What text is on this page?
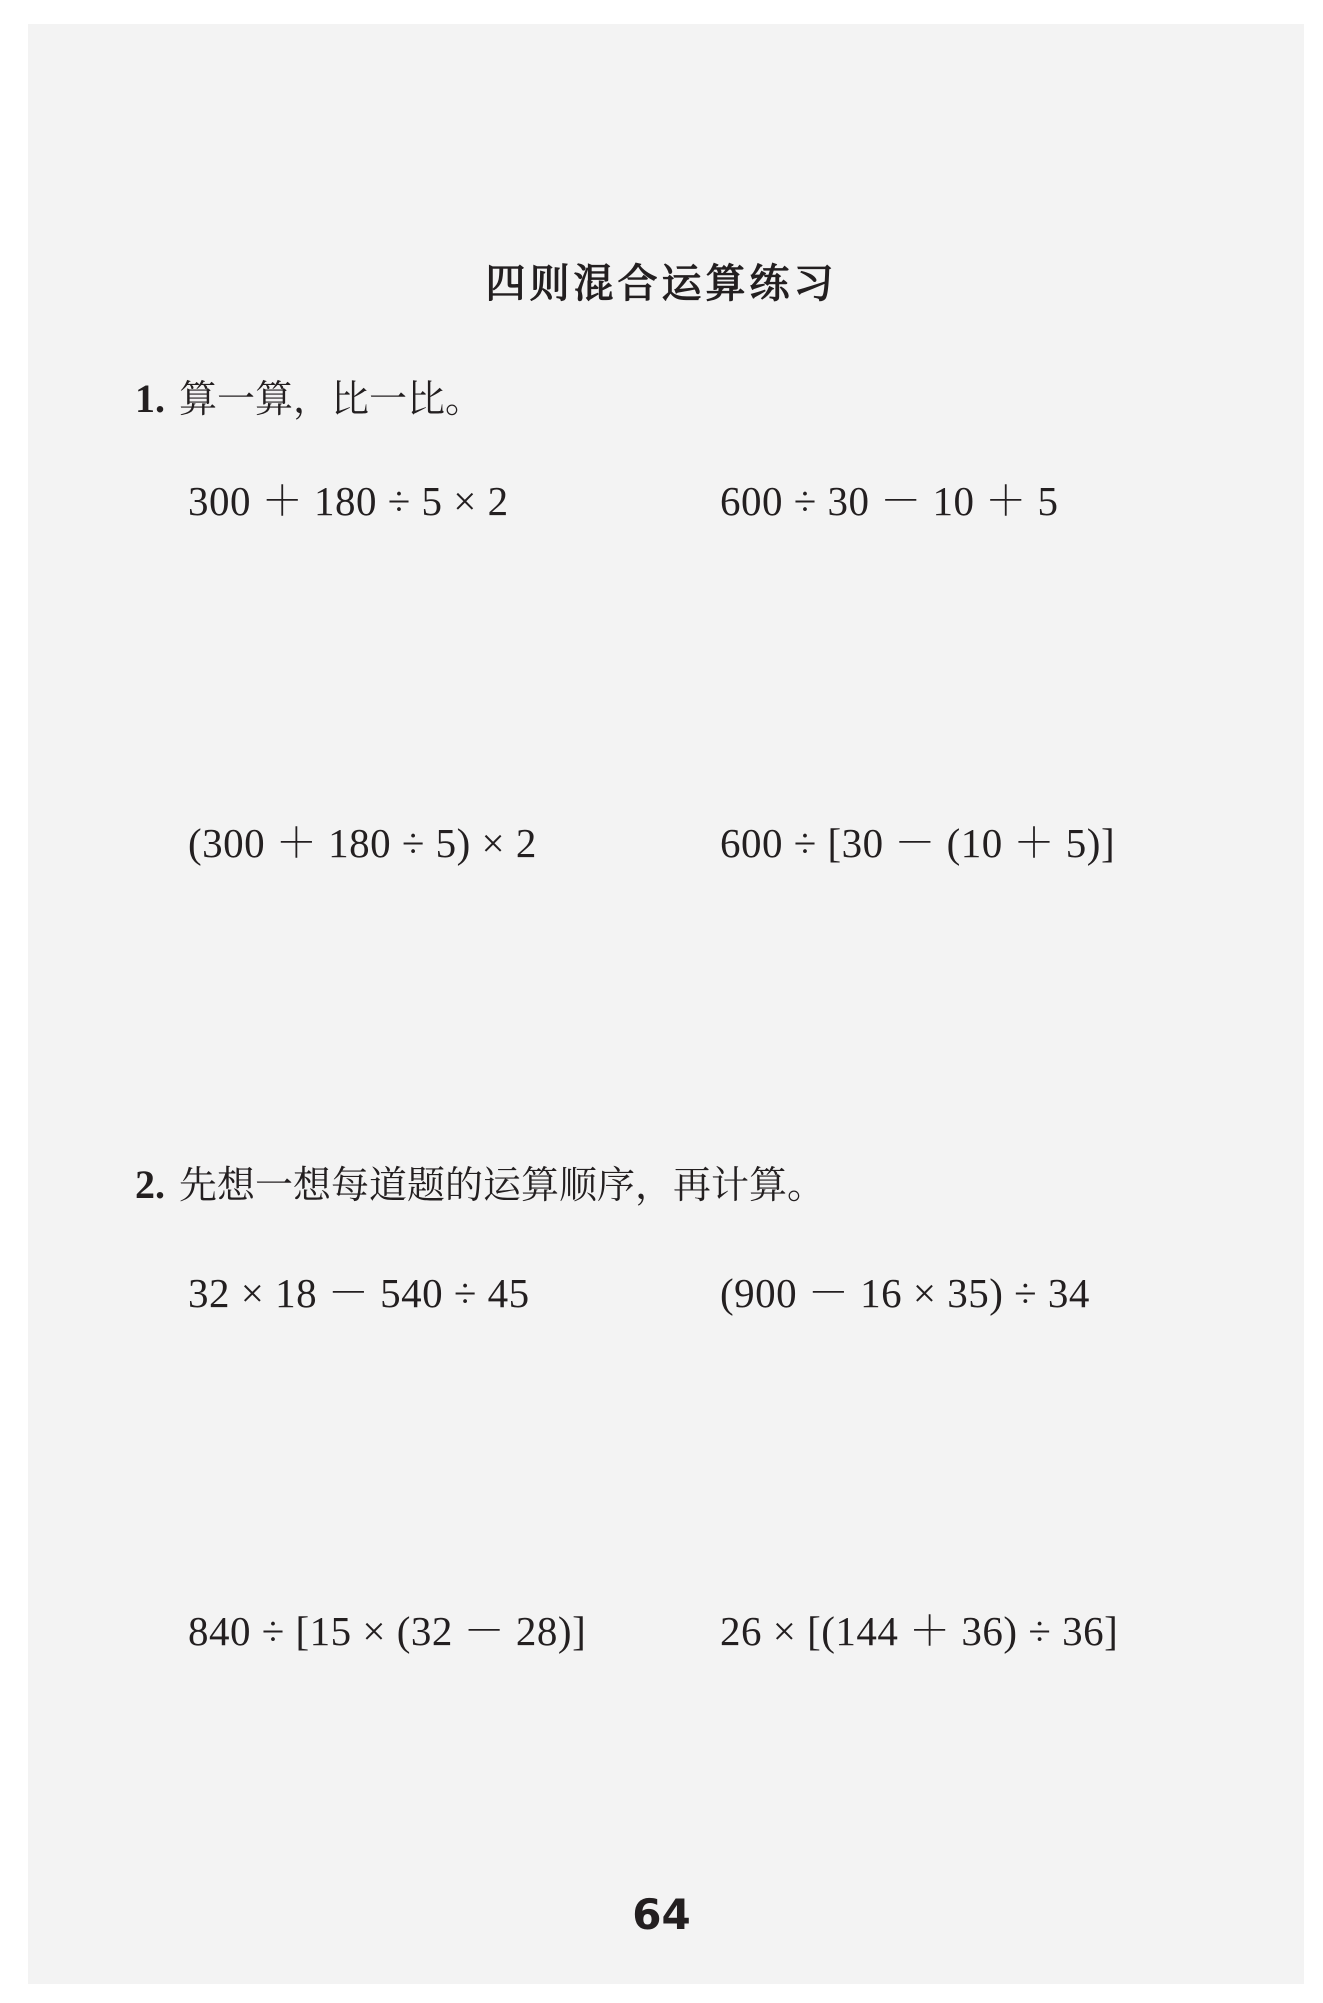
四则混合运算练习
1. 算一算，比一比。
300 ＋ 180 ÷ 5 × 2	600 ÷ 30 － 10 ＋ 5
(300 ＋ 180 ÷ 5) × 2	600 ÷ [30 － (10 ＋ 5)]
2. 先想一想每道题的运算顺序，再计算。
32 × 18 － 540 ÷ 45	(900 － 16 × 35) ÷ 34
840 ÷ [15 × (32 － 28)]	26 × [(144 ＋ 36) ÷ 36]
64
